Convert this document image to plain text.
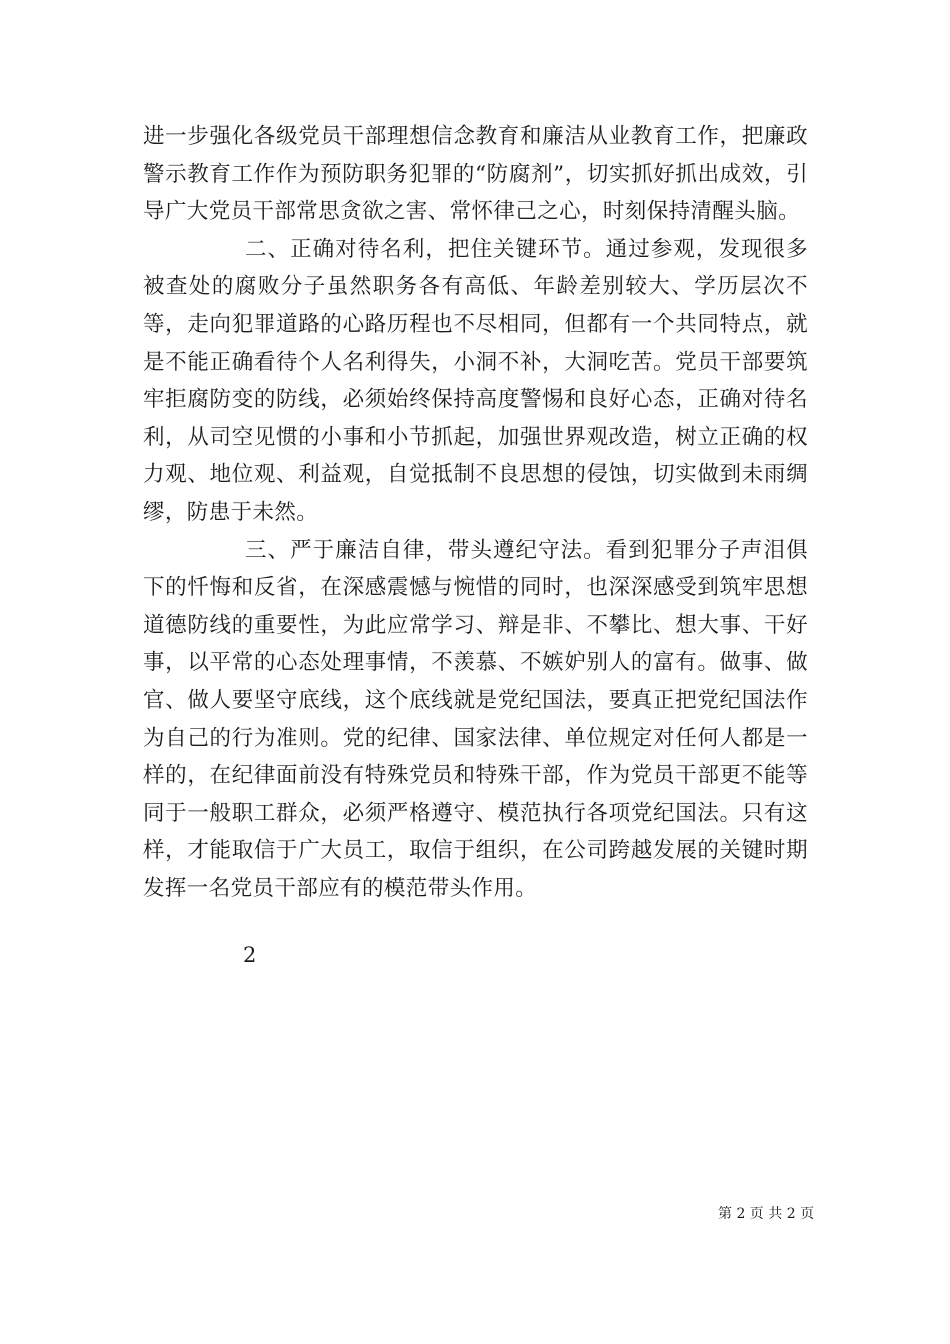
进一步强化各级党员干部理想信念教育和廉洁从业教育工作，把廉政警示教育工作作为预防职务犯罪的“防腐剂”，切实抓好抓出成效，引导广大党员干部常思贪欲之害、常怀律己之心，时刻保持清醒头脑。

二、正确对待名利，把住关键环节。通过参观，发现很多被查处的腐败分子虽然职务各有高低、年龄差别较大、学历层次不等，走向犯罪道路的心路历程也不尽相同，但都有一个共同特点，就是不能正确看待个人名利得失，小洞不补，大洞吃苦。党员干部要筑牢拒腐防变的防线，必须始终保持高度警惕和良好心态，正确对待名利，从司空见惯的小事和小节抓起，加强世界观改造，树立正确的权力观、地位观、利益观，自觉抵制不良思想的侵蚀，切实做到未雨绸缪，防患于未然。

三、严于廉洁自律，带头遵纪守法。看到犯罪分子声泪俱下的忏悔和反省，在深感震憾与惋惜的同时，也深深感受到筑牢思想道德防线的重要性，为此应常学习、辩是非、不攀比、想大事、干好事，以平常的心态处理事情，不羡慕、不嫉妒别人的富有。做事、做官、做人要坚守底线，这个底线就是党纪国法，要真正把党纪国法作为自己的行为准则。党的纪律、国家法律、单位规定对任何人都是一样的，在纪律面前没有特殊党员和特殊干部，作为党员干部更不能等同于一般职工群众，必须严格遵守、模范执行各项党纪国法。只有这样，才能取信于广大员工，取信于组织，在公司跨越发展的关键时期发挥一名党员干部应有的模范带头作用。

2
第 2 页 共 2 页
